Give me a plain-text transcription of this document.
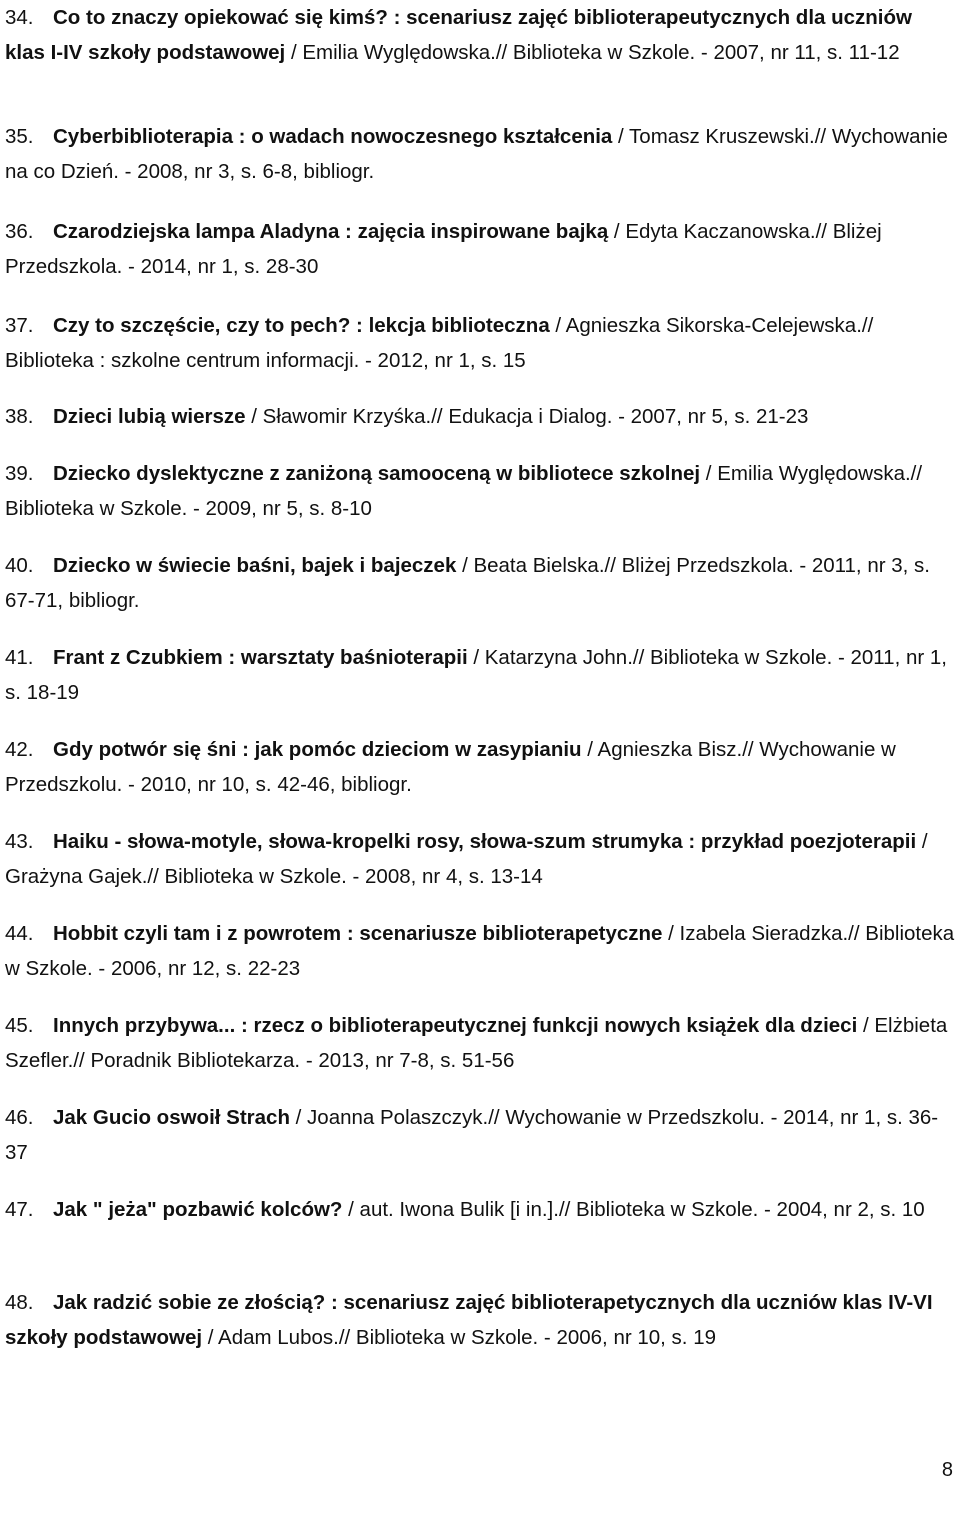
34. Co to znaczy opiekować się kimś? : scenariusz zajęć biblioterapeutycznych dla uczniów klas I-IV szkoły podstawowej / Emilia Wyględowska.// Biblioteka w Szkole. - 2007, nr 11, s. 11-12

35. Cyberbiblioterapia : o wadach nowoczesnego kształcenia / Tomasz Kruszewski.// Wychowanie na co Dzień. - 2008, nr 3, s. 6-8, bibliogr.

36. Czarodziejska lampa Aladyna : zajęcia inspirowane bajką / Edyta Kaczanowska.// Bliżej Przedszkola. - 2014, nr 1, s. 28-30

37. Czy to szczęście, czy to pech? : lekcja biblioteczna / Agnieszka Sikorska-Celejewska.// Biblioteka : szkolne centrum informacji. - 2012, nr 1, s. 15

38. Dzieci lubią wiersze / Sławomir Krzyśka.// Edukacja i Dialog. - 2007, nr 5, s. 21-23

39. Dziecko dyslektyczne z zaniżoną samooceną w bibliotece szkolnej / Emilia Wyględowska.// Biblioteka w Szkole. - 2009, nr 5, s. 8-10

40. Dziecko w świecie baśni, bajek i bajeczek / Beata Bielska.// Bliżej Przedszkola. - 2011, nr 3, s. 67-71, bibliogr.

41. Frant z Czubkiem : warsztaty baśnioterapii / Katarzyna John.// Biblioteka w Szkole. - 2011, nr 1, s. 18-19

42. Gdy potwór się śni : jak pomóc dzieciom w zasypianiu / Agnieszka Bisz.// Wychowanie w Przedszkolu. - 2010, nr 10, s. 42-46, bibliogr.

43. Haiku - słowa-motyle, słowa-kropelki rosy, słowa-szum strumyka : przykład poezjoterapii / Grażyna Gajek.// Biblioteka w Szkole. - 2008, nr 4, s. 13-14

44. Hobbit czyli tam i z powrotem : scenariusze biblioterapetyczne / Izabela Sieradzka.// Biblioteka w Szkole. - 2006, nr 12, s. 22-23

45. Innych przybywa... : rzecz o biblioterapeutycznej funkcji nowych książek dla dzieci / Elżbieta Szefler.// Poradnik Bibliotekarza. - 2013, nr 7-8, s. 51-56

46. Jak Gucio oswoił Strach / Joanna Polaszczyk.// Wychowanie w Przedszkolu. - 2014, nr 1, s. 36-37

47. Jak " jeża" pozbawić kolców? / aut. Iwona Bulik [i in.].// Biblioteka w Szkole. - 2004, nr 2, s. 10

48. Jak radzić sobie ze złością? : scenariusz zajęć biblioterapetycznych dla uczniów klas IV-VI szkoły podstawowej / Adam Lubos.// Biblioteka w Szkole. - 2006, nr 10, s. 19

8
